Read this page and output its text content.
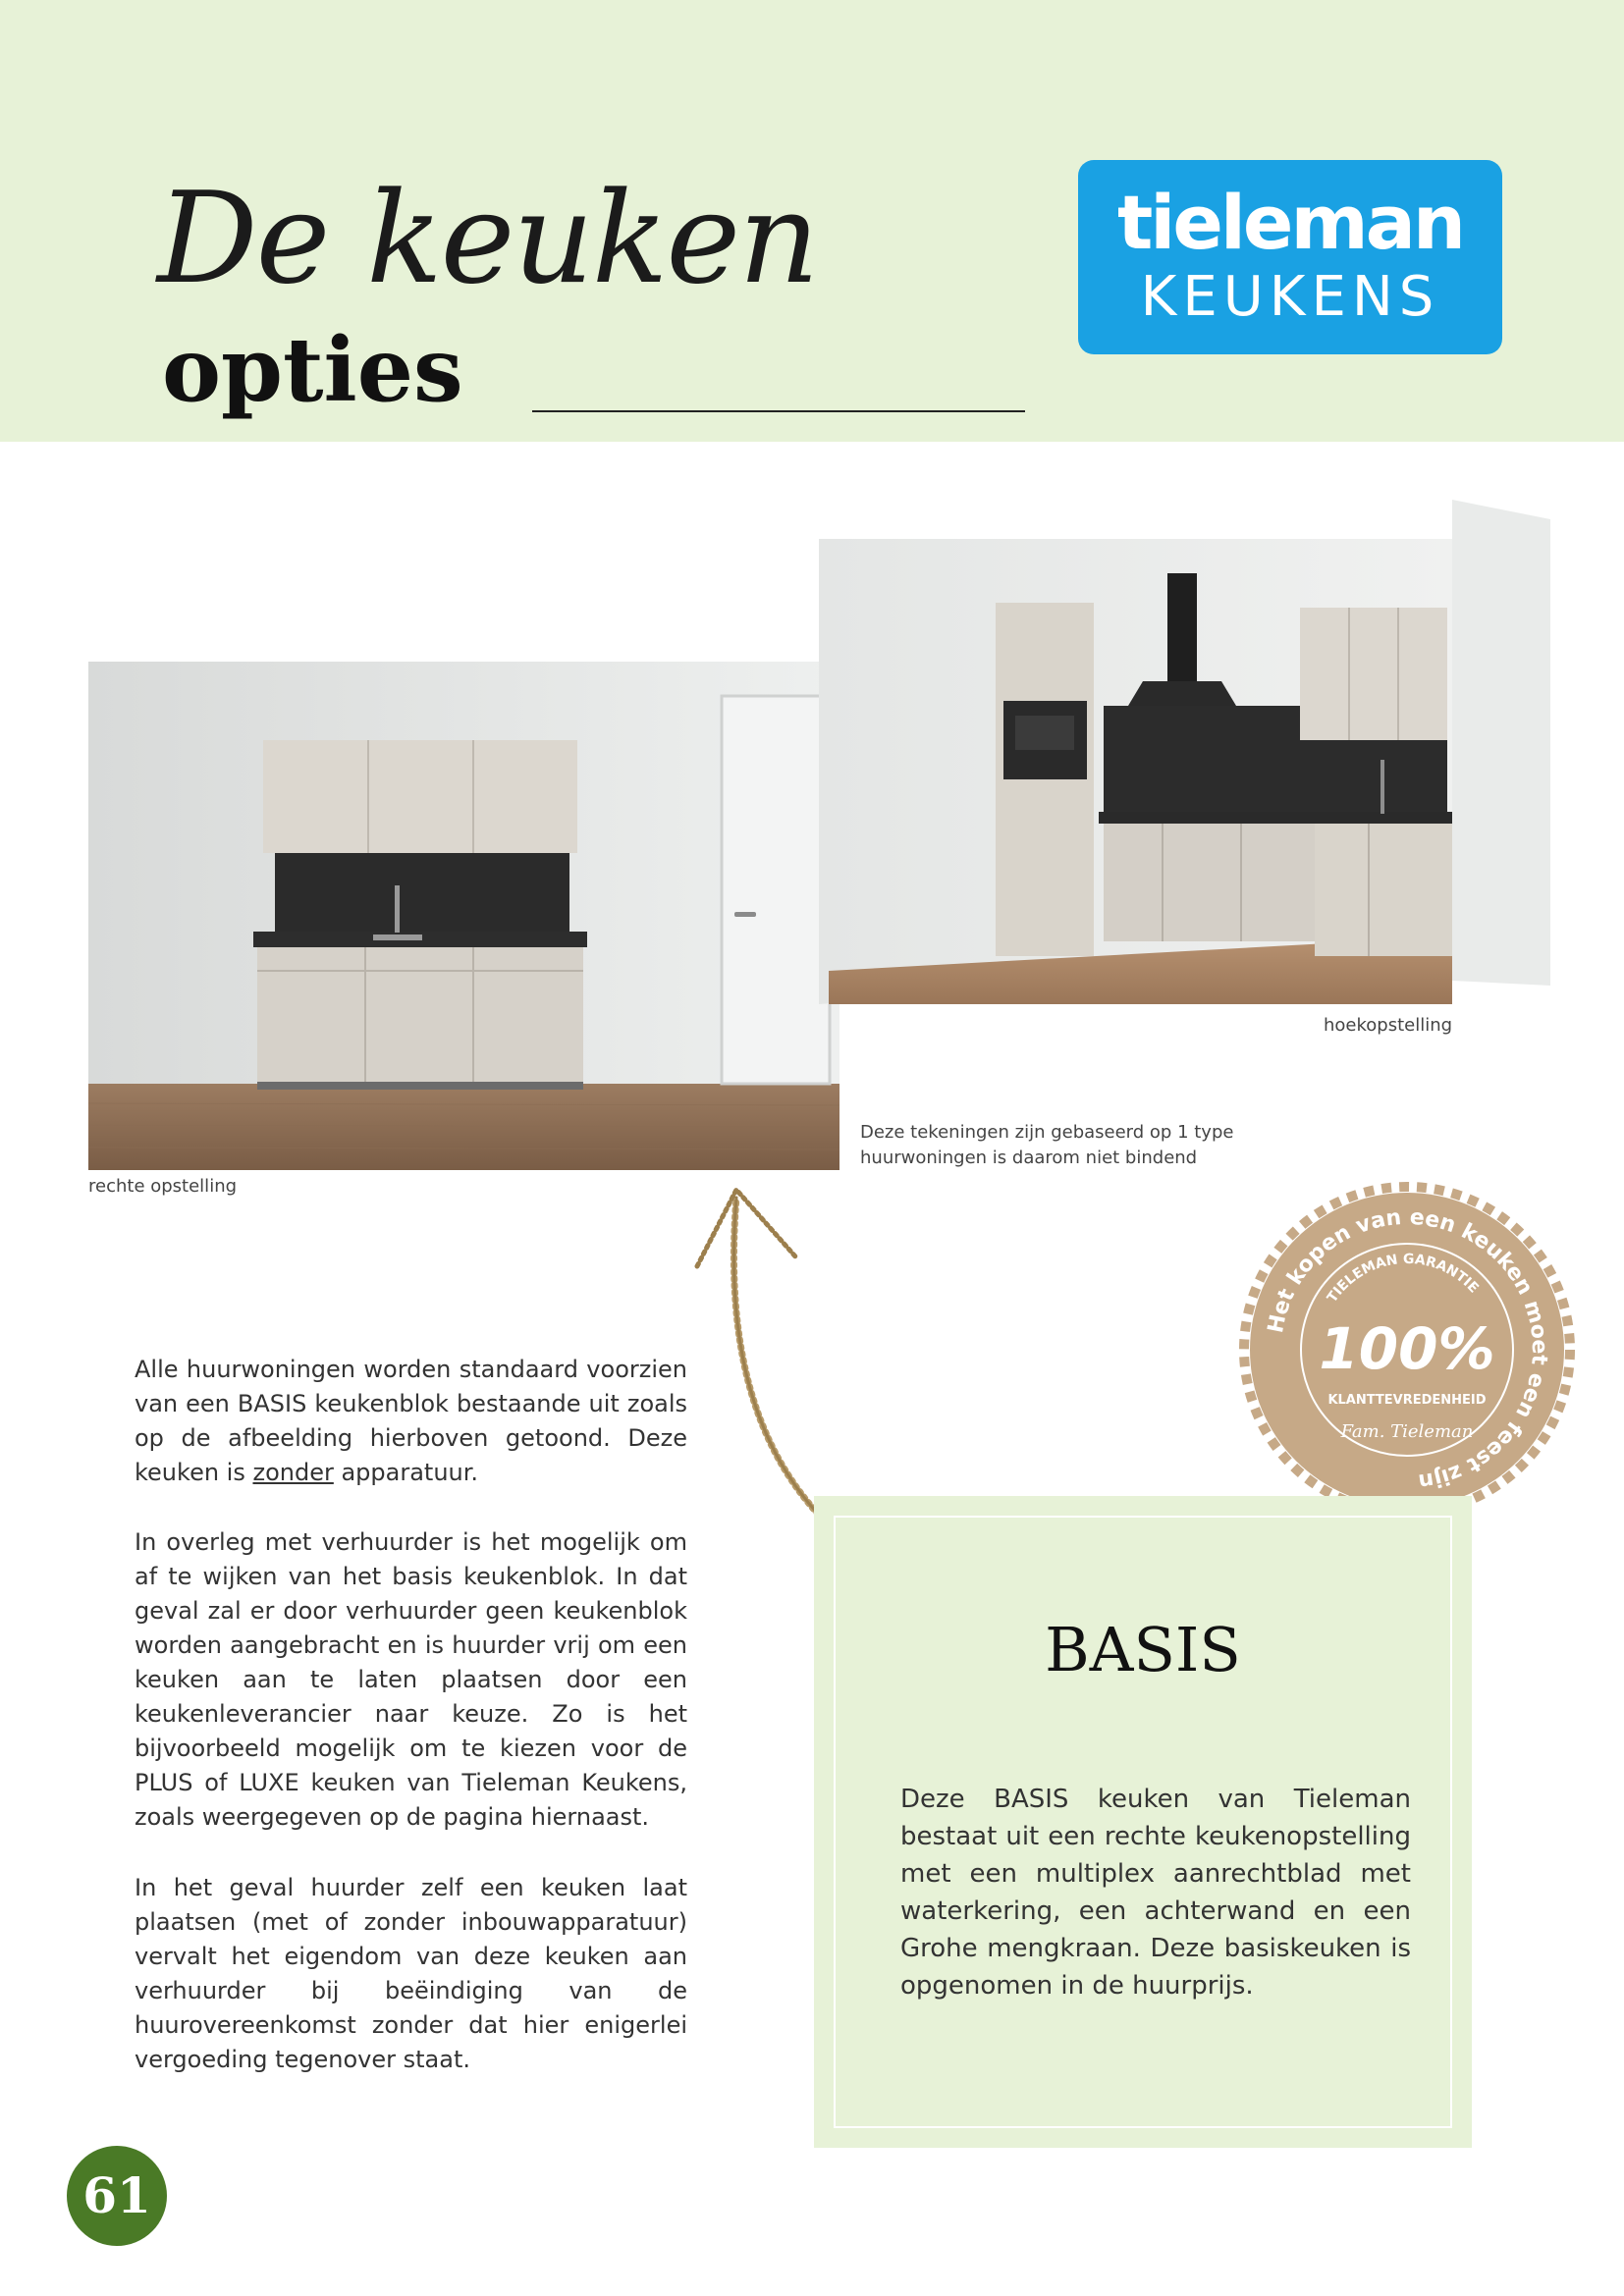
De keuken
opties
tieleman
KEUKENS
rechte opstelling
hoekopstelling
Deze tekeningen zijn gebaseerd op 1 type
huurwoningen is daarom niet bindend
Het kopen van een keuken moet een feest zijn
TIELEMAN GARANTIE
100%
KLANTTEVREDENHEID
Fam. Tieleman
Alle huurwoningen worden standaard voorzien van een BASIS keukenblok bestaande uit zoals op de afbeelding hierboven getoond. Deze keuken is zonder apparatuur.
In overleg met verhuurder is het mogelijk om af te wijken van het basis keukenblok. In dat geval zal er door verhuurder geen keukenblok worden aangebracht en is huurder vrij om een keuken aan te laten plaatsen door een keukenleverancier naar keuze. Zo is het bijvoorbeeld mogelijk om te kiezen voor de PLUS of LUXE keuken van Tieleman Keukens, zoals weergegeven op de pagina hiernaast.
In het geval huurder zelf een keuken laat plaatsen (met of zonder inbouwapparatuur) vervalt het eigendom van deze keuken aan verhuurder bij beëindiging van de huurovereenkomst zonder dat hier enigerlei vergoeding tegenover staat.
BASIS
Deze BASIS keuken van Tieleman bestaat uit een rechte keukenopstelling met een multiplex aanrechtblad met waterkering, een achterwand en een Grohe mengkraan. Deze basiskeuken is opgenomen in de huurprijs.
61
